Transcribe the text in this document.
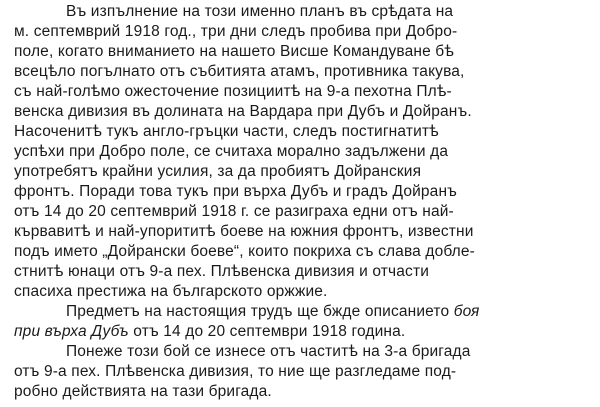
Въ изпълнение на този именно планъ въ срѣдата на
м. септемврий 1918 год., три дни следъ пробива при Добро-
поле, когато вниманието на нашето Висше Командуване бѣ
всецѣло погълнато отъ събитията атамъ, противника такува,
съ най-голѣмо ожесточение позициитѣ на 9-а пехотна Плѣ-
венска дивизия въ долината на Вардара при Дубъ и Дойранъ.
Насоченитѣ тукъ англо-гръцки части, следъ постигнатитѣ
успѣхи при Добро поле, се считаха морално задължени да
употребятъ крайни усилия, за да пробиятъ Дойранския
фронтъ. Поради това тукъ при върха Дубъ и градъ Дойранъ
отъ 14 до 20 септемврий 1918 г. се разиграха едни отъ най-
кървавитѣ и най-упорититѣ боеве на южния фронтъ, известни
подъ името „Дойрански боеве“, които покриха съ слава доблe-
стнитѣ юнаци отъ 9-а пех. Плѣвенска дивизия и отчасти
спасиха престижа на българското оржжие.
Предметъ на настоящия трудъ ще бжде описанието боя
при върха Дубъ отъ 14 до 20 септември 1918 година.
Понеже този бой се изнесе отъ частитѣ на 3-а бригада
отъ 9-а пех. Плѣвенска дивизия, то ние ще разгледаме под-
робно действията на тази бригада.
